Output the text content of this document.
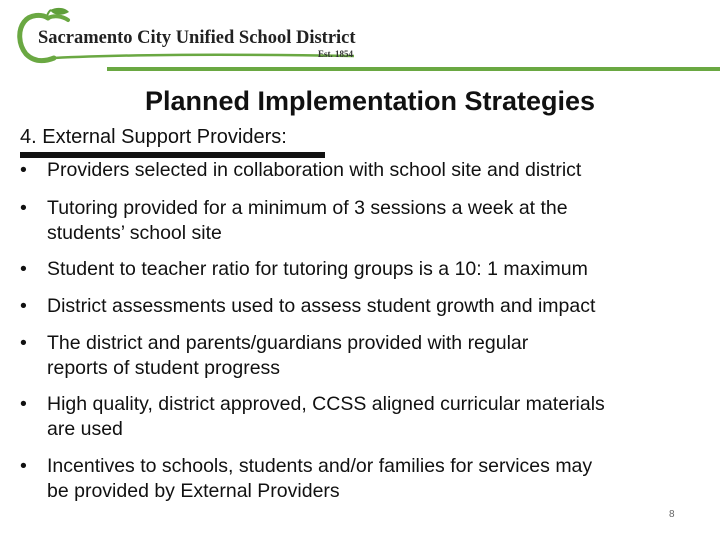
Sacramento City Unified School District
Est. 1854
Planned Implementation Strategies
4. External Support Providers:
•	Providers selected in collaboration with school site and district
•	Tutoring provided for a minimum of 3 sessions a week at the
students’ school site
•	Student to teacher ratio for tutoring groups is a 10: 1 maximum
•	District assessments used to assess student growth and impact
•	The district and parents/guardians provided with regular
reports of student progress
•	High quality, district approved, CCSS aligned curricular materials
are used
•	Incentives to schools, students and/or families for services may
be provided by External Providers
8
